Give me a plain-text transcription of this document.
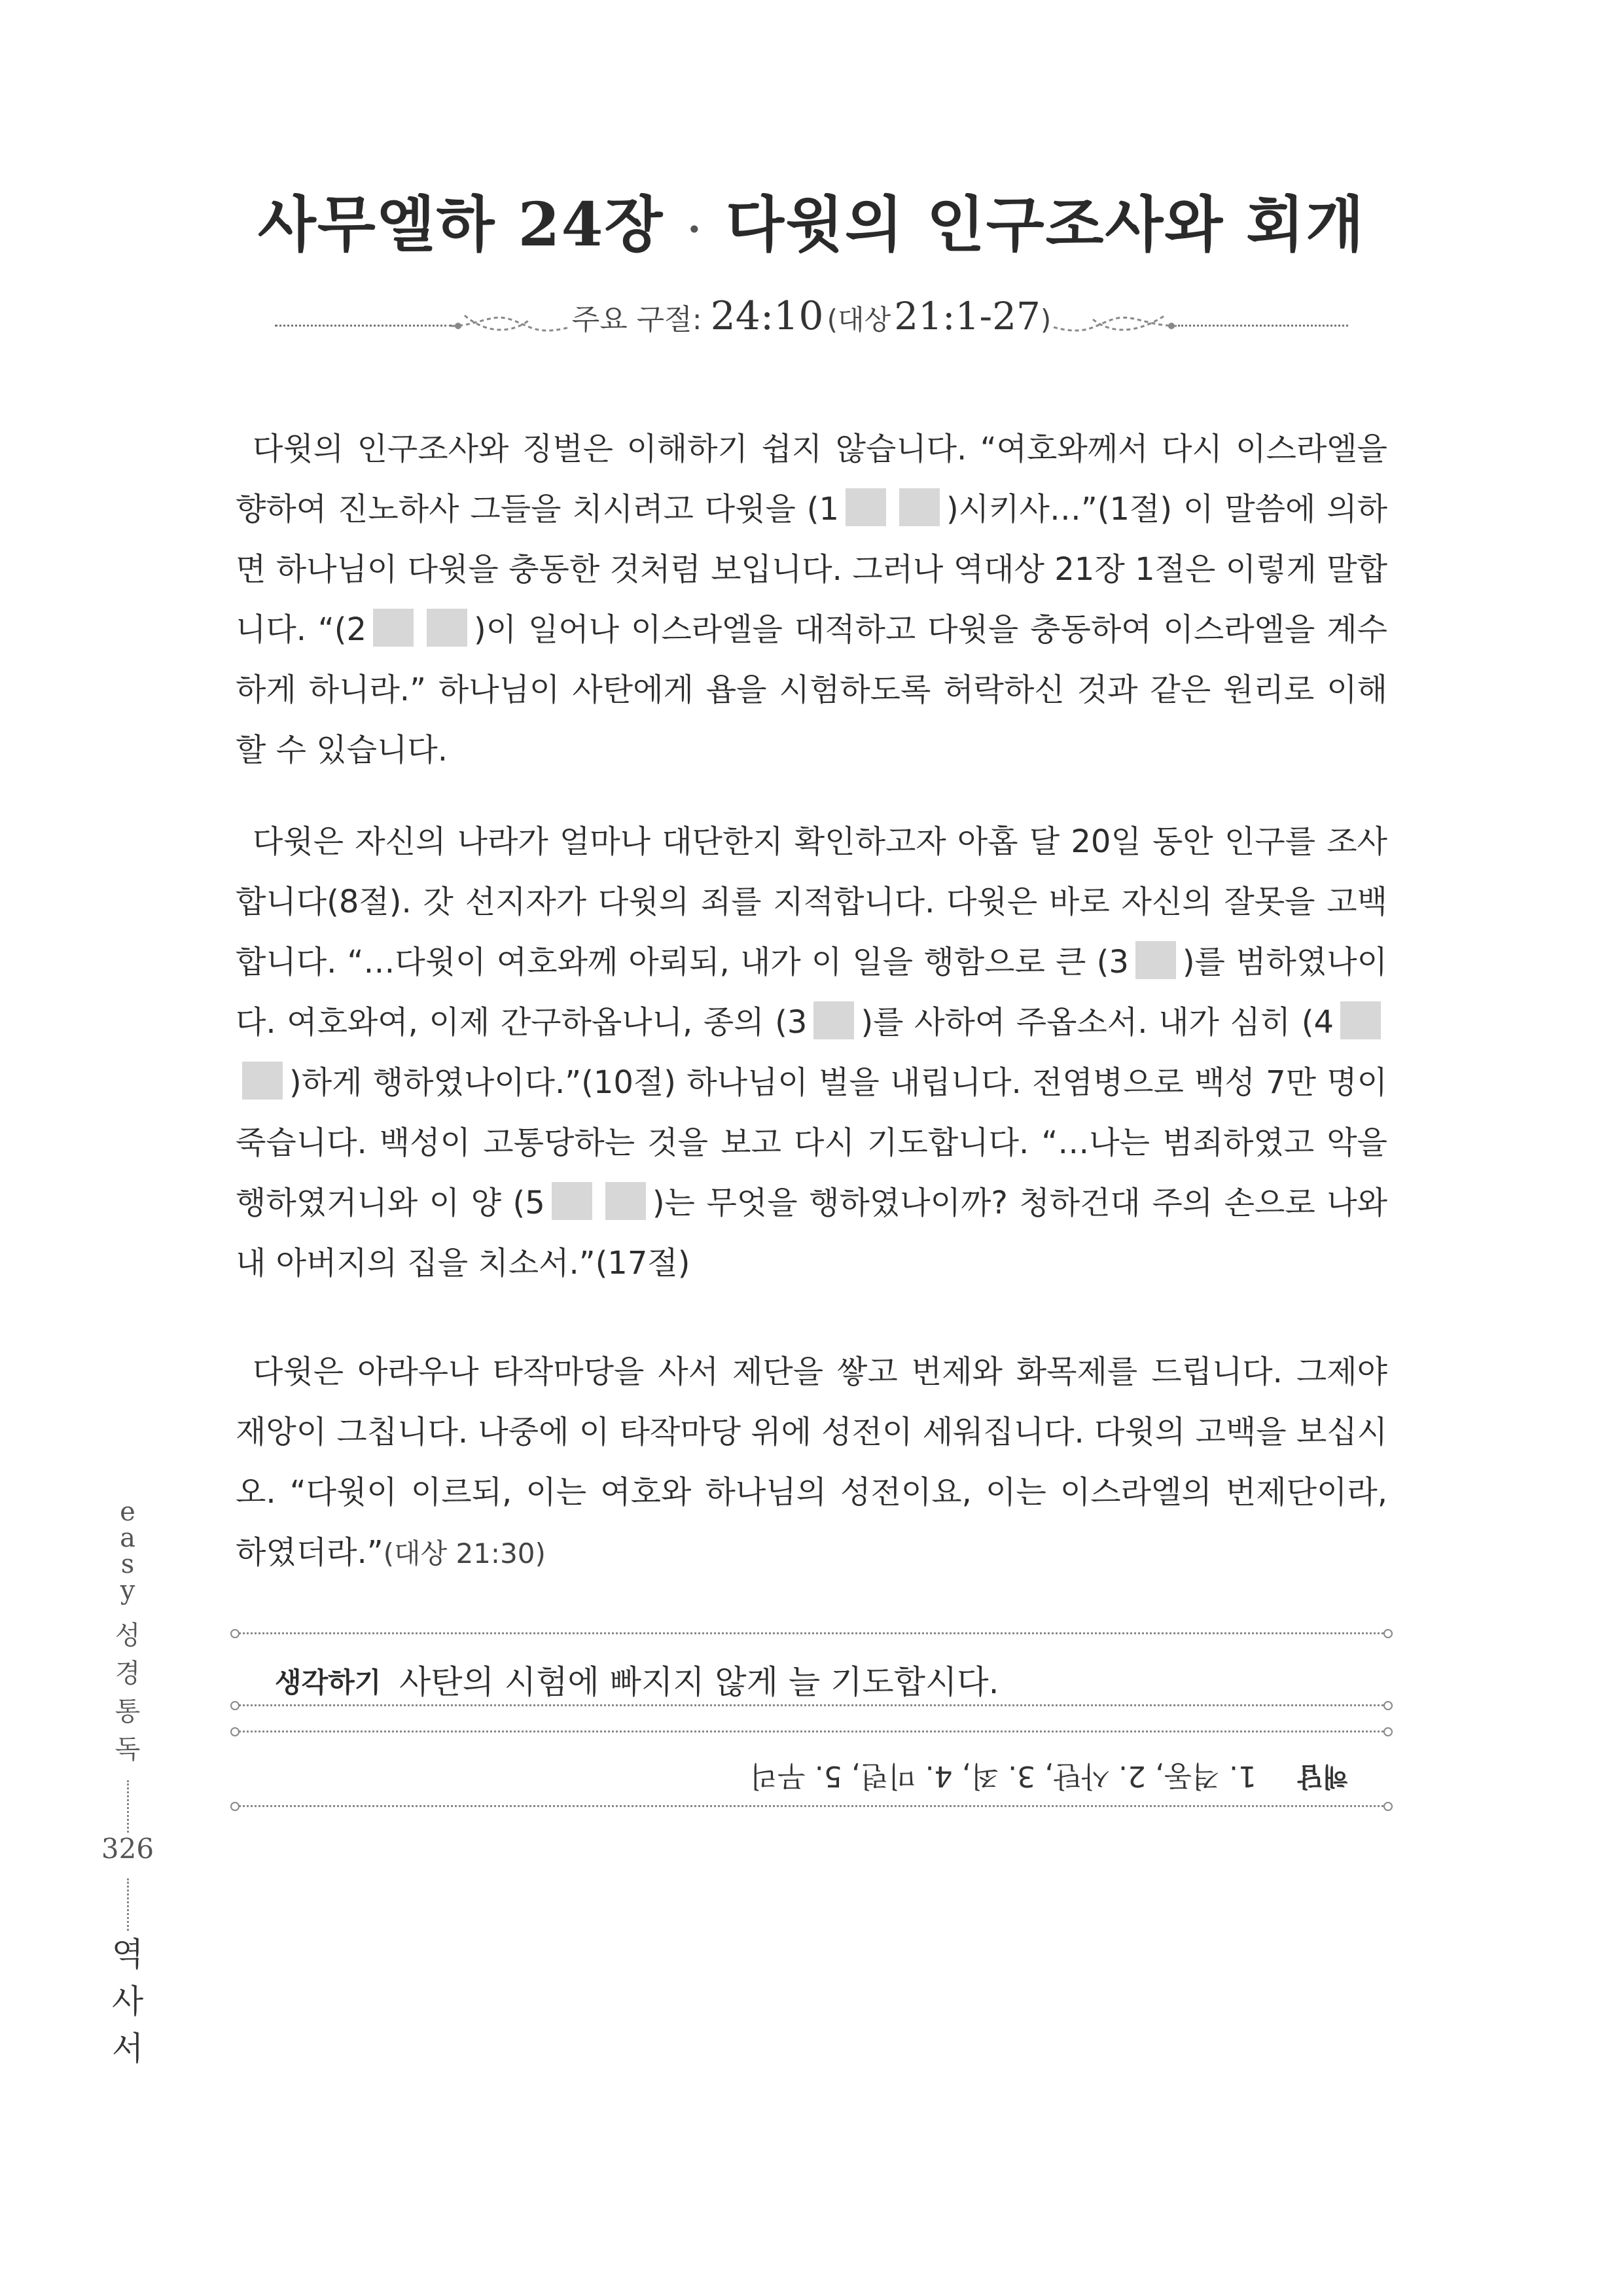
사무엘하 24장 · 다윗의 인구조사와 회개
주요 구절: 24:10 (대상 21:1-27)

다윗의 인구조사와 징벌은 이해하기 쉽지 않습니다. “여호와께서 다시 이스라엘을 향하여 진노하사 그들을 치시려고 다윗을 (1	)시키사…”(1절) 이 말씀에 의하면 하나님이 다윗을 충동한 것처럼 보입니다. 그러나 역대상 21장 1절은 이렇게 말합니다. “(2	)이 일어나 이스라엘을 대적하고 다윗을 충동하여 이스라엘을 계수하게 하니라.” 하나님이 사탄에게 욥을 시험하도록 허락하신 것과 같은 원리로 이해할 수 있습니다.

다윗은 자신의 나라가 얼마나 대단한지 확인하고자 아홉 달 20일 동안 인구를 조사합니다(8절). 갓 선지자가 다윗의 죄를 지적합니다. 다윗은 바로 자신의 잘못을 고백합니다. “…다윗이 여호와께 아뢰되, 내가 이 일을 행함으로 큰 (3 )를 범하였나이다. 여호와여, 이제 간구하옵나니, 종의 (3 )를 사하여 주옵소서. 내가 심히 (4)하게 행하였나이다.”(10절) 하나님이 벌을 내립니다. 전염병으로 백성 7만 명이 죽습니다. 백성이 고통당하는 것을 보고 다시 기도합니다. “…나는 범죄하였고 악을 행하였거니와 이 양 (5	)는 무엇을 행하였나이까? 청하건대 주의 손으로 나와 내 아버지의 집을 치소서.”(17절)

다윗은 아라우나 타작마당을 사서 제단을 쌓고 번제와 화목제를 드립니다. 그제야 재앙이 그칩니다. 나중에 이 타작마당 위에 성전이 세워집니다. 다윗의 고백을 보십시오. “다윗이 이르되, 이는 여호와 하나님의 성전이요, 이는 이스라엘의 번제단이라, 하였더라.”(대상 21:30)

생각하기 사탄의 시험에 빠지지 않게 늘 기도합시다.
해답
1. 격동, 2. 사탄, 3. 죄, 4. 미련, 5. 무리
e
a
s
y
성
경
통
독
326
역
사
서
